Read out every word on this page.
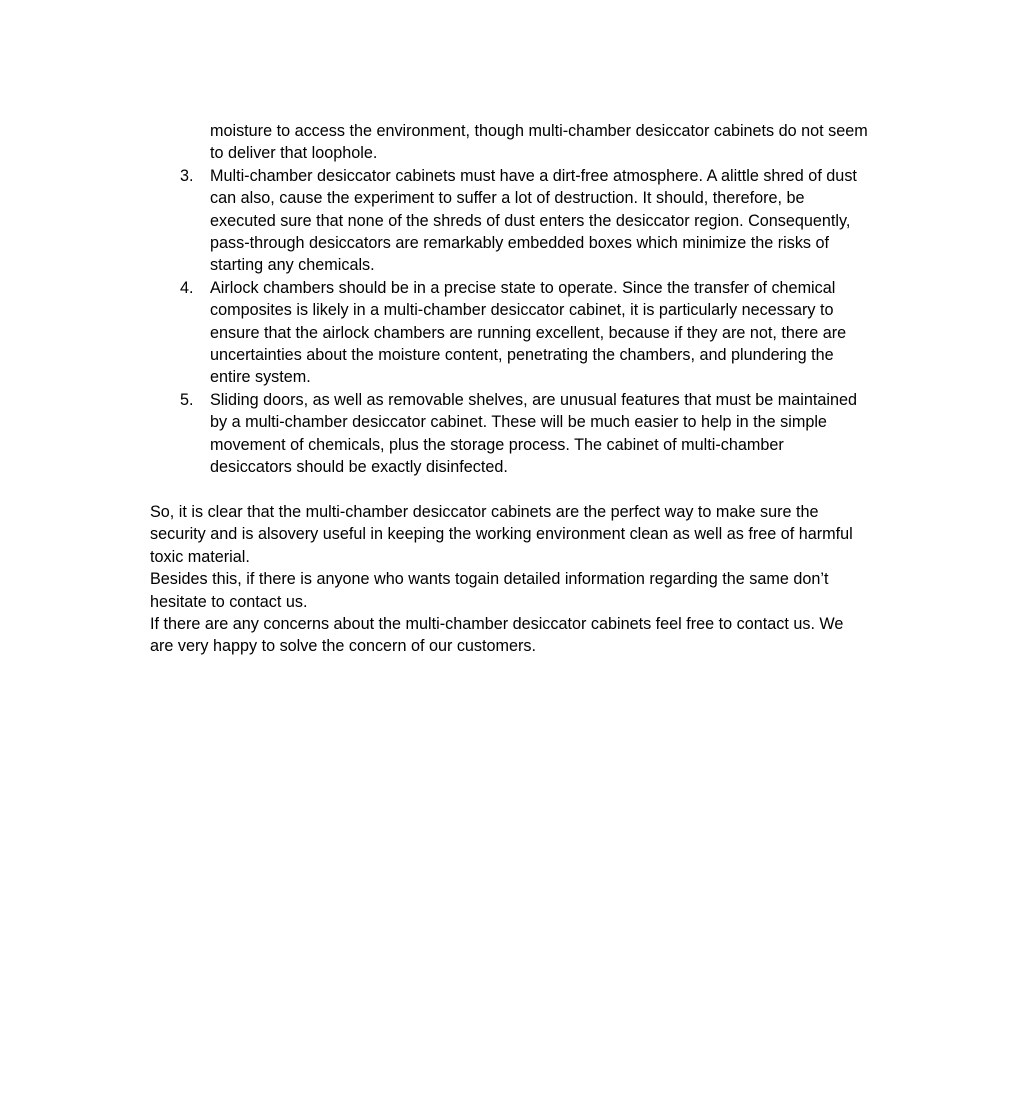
moisture to access the environment, though multi-chamber desiccator cabinets do not seem to deliver that loophole.

3.	Multi-chamber desiccator cabinets must have a dirt-free atmosphere. A alittle shred of dust can also, cause the experiment to suffer a lot of destruction. It should, therefore, be executed sure that none of the shreds of dust enters the desiccator region. Consequently, pass-through desiccators are remarkably embedded boxes which minimize the risks of starting any chemicals.
4.	Airlock chambers should be in a precise state to operate. Since the transfer of chemical composites is likely in a multi-chamber desiccator cabinet, it is particularly necessary to ensure that the airlock chambers are running excellent, because if they are not, there are uncertainties about the moisture content, penetrating the chambers, and plundering the entire system.
5.	Sliding doors, as well as removable shelves, are unusual features that must be maintained by a multi-chamber desiccator cabinet. These will be much easier to help in the simple movement of chemicals, plus the storage process. The cabinet of multi-chamber desiccators should be exactly disinfected.

So, it is clear that the multi-chamber desiccator cabinets are the perfect way to make sure the security and is alsovery useful in keeping the working environment clean as well as free of harmful toxic material.

Besides this, if there is anyone who wants togain detailed information regarding the same don’t hesitate to contact us.

If there are any concerns about the multi-chamber desiccator cabinets feel free to contact us. We are very happy to solve the concern of our customers.
